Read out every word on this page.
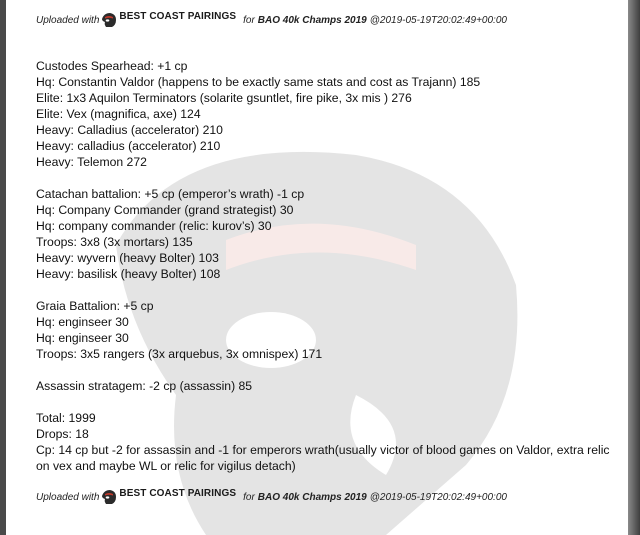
Uploaded with BEST COAST PAIRINGS for BAO 40k Champs 2019 @2019-05-19T20:02:49+00:00
Custodes Spearhead: +1 cp
Hq: Constantin Valdor (happens to be exactly same stats and cost as Trajann) 185
Elite: 1x3 Aquilon Terminators (solarite gsuntlet, fire pike, 3x mis ) 276
Elite: Vex (magnifica, axe) 124
Heavy: Calladius (accelerator) 210
Heavy: calladius (accelerator) 210
Heavy: Telemon 272
Catachan battalion: +5 cp (emperor’s wrath) -1 cp
Hq: Company Commander (grand strategist) 30
Hq: company commander (relic: kurov’s) 30
Troops: 3x8 (3x mortars) 135
Heavy: wyvern (heavy Bolter) 103
Heavy: basilisk (heavy Bolter) 108
Graia Battalion: +5 cp
Hq: enginseer 30
Hq: enginseer 30
Troops: 3x5 rangers (3x arquebus, 3x omnispex) 171
Assassin stratagem: -2 cp (assassin) 85
Total: 1999
Drops: 18
Cp: 14 cp but -2 for assassin and -1 for emperors wrath(usually victor of blood games on Valdor, extra relic on vex and maybe WL or relic for vigilus detach)
Uploaded with BEST COAST PAIRINGS for BAO 40k Champs 2019 @2019-05-19T20:02:49+00:00
